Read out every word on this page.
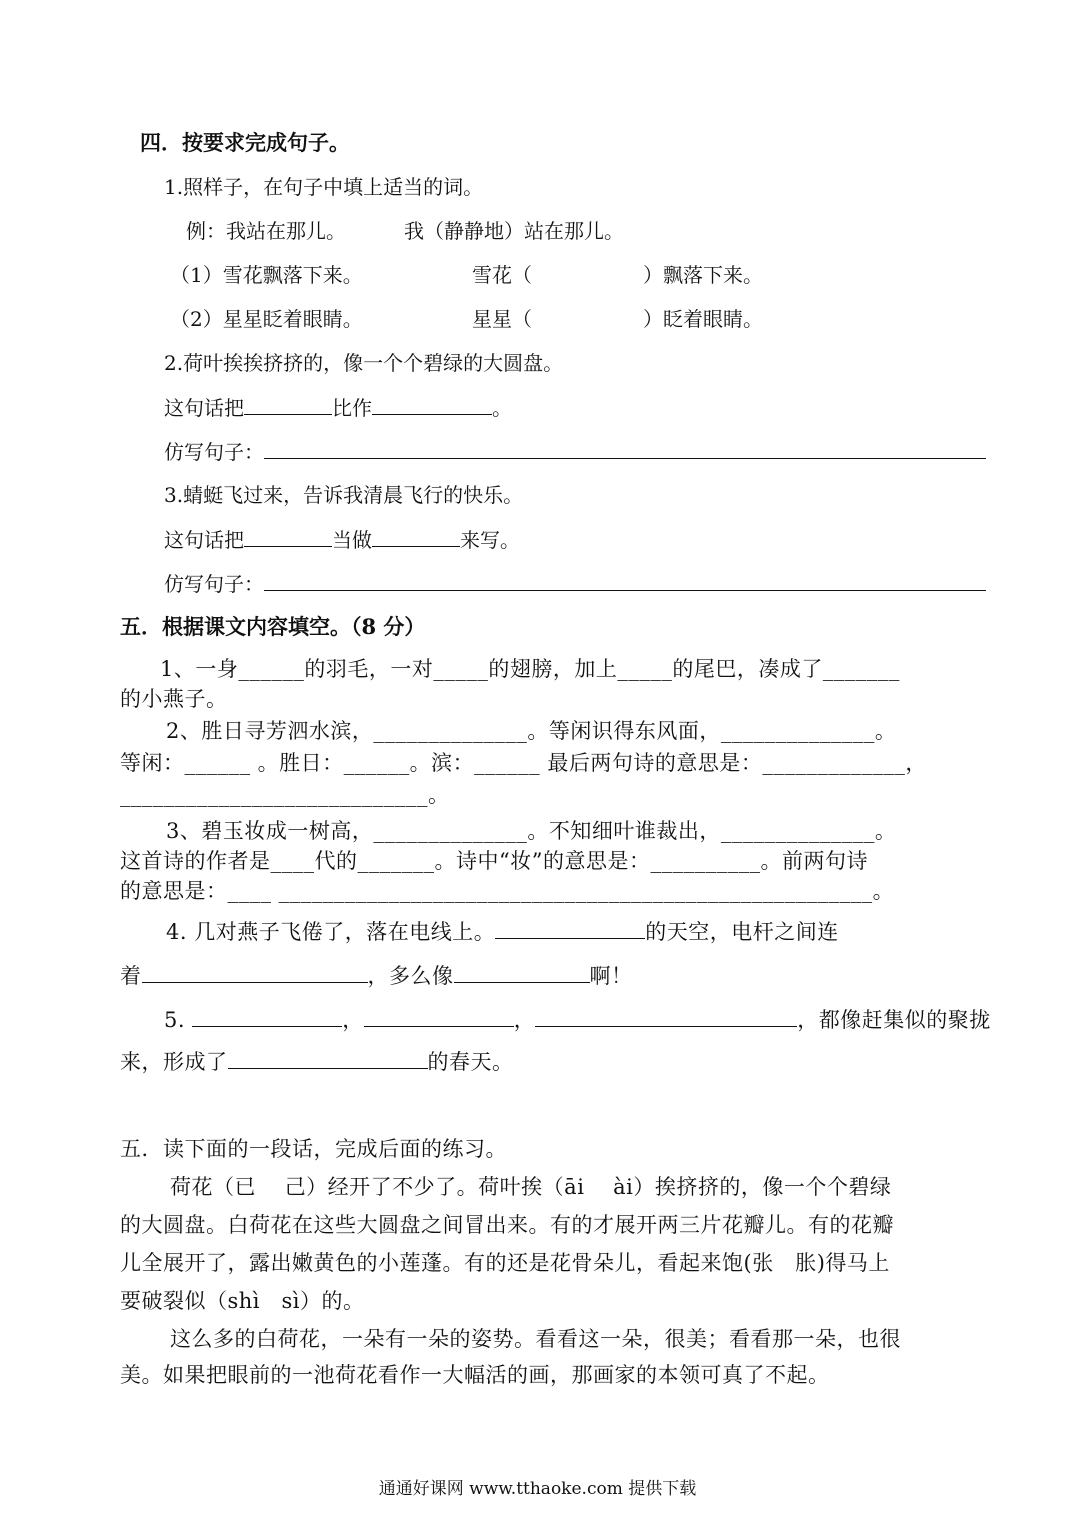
四．按要求完成句子。
1.照样子，在句子中填上适当的词。
例：我站在那儿。	我（静静地）站在那儿。
（1）雪花飘落下来。	雪花（	）飘落下来。
（2）星星眨着眼睛。	星星（	）眨着眼睛。
2.荷叶挨挨挤挤的，像一个个碧绿的大圆盘。
这句话把	比作	。
仿写句子：
3.蜻蜓飞过来，告诉我清晨飞行的快乐。
这句话把	当做	来写。
仿写句子：
五．根据课文内容填空。（8 分）
1、一身______的羽毛，一对_____的翅膀，加上_____的尾巴，凑成了_______
的小燕子。
2、胜日寻芳泗水滨，______________。等闲识得东风面，______________。
等闲：______ 。胜日：______。滨：______ 最后两句诗的意思是：_____________，
____________________________。
3、碧玉妆成一树高，______________。不知细叶谁裁出，______________。
这首诗的作者是____代的_______。诗中“妆”的意思是：__________。前两句诗
的意思是：____ ______________________________________________________。
4. 几对燕子飞倦了，落在电线上。	的天空，电杆之间连
着	，多么像	啊！
5.	，	，	，都像赶集似的聚拢
来，形成了	的春天。
五．读下面的一段话，完成后面的练习。
荷花（已　 己）经开了不少了。荷叶挨（āi　 ài）挨挤挤的，像一个个碧绿
的大圆盘。白荷花在这些大圆盘之间冒出来。有的才展开两三片花瓣儿。有的花瓣
儿全展开了，露出嫩黄色的小莲蓬。有的还是花骨朵儿，看起来饱(张　胀)得马上
要破裂似（shì　sì）的。
这么多的白荷花，一朵有一朵的姿势。看看这一朵，很美；看看那一朵，也很
美。如果把眼前的一池荷花看作一大幅活的画，那画家的本领可真了不起。
通通好课网 www.tthaoke.com 提供下载
